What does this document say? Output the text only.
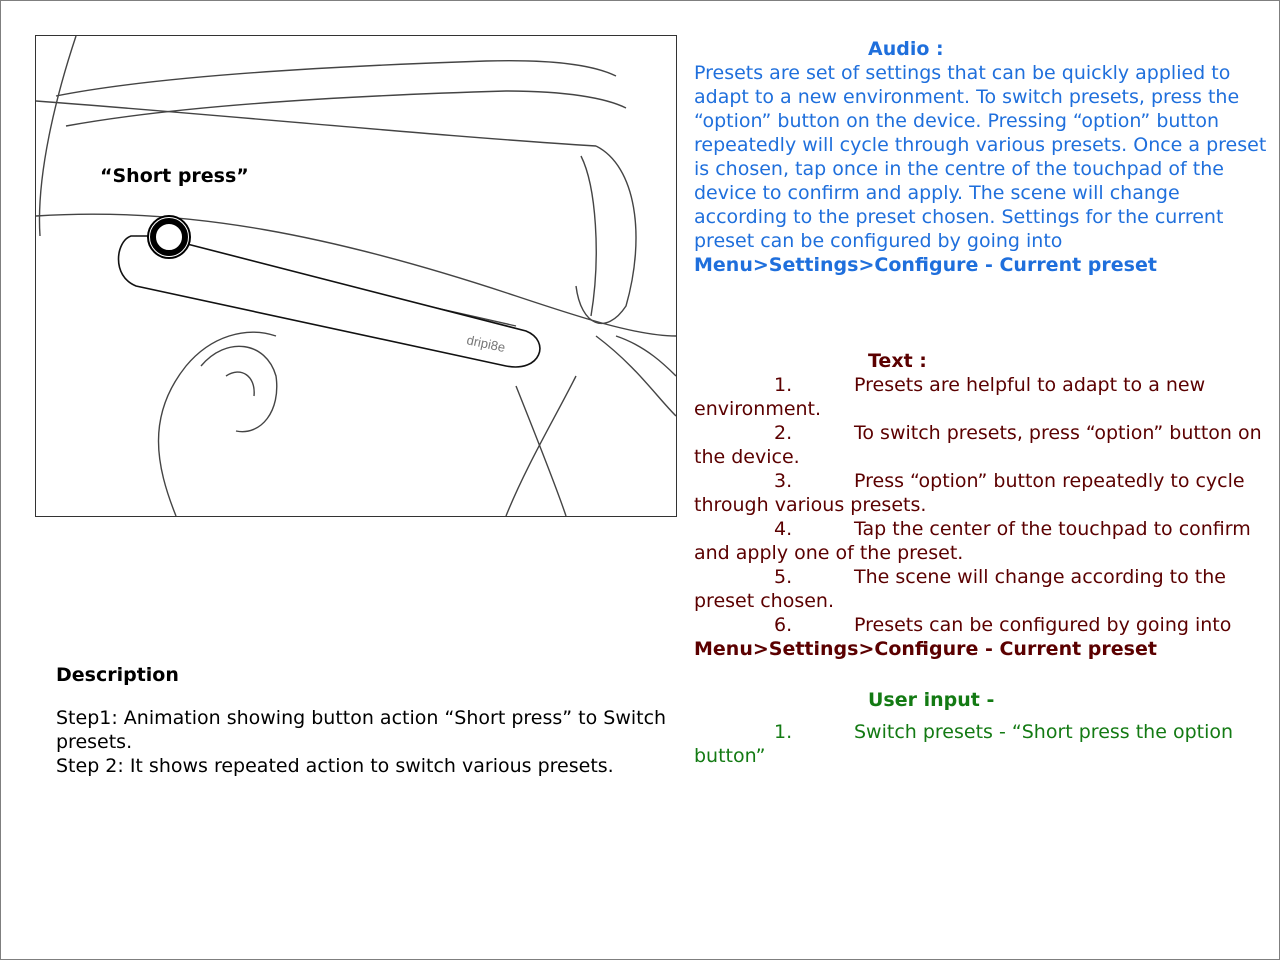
dripi8e
“Short press”
Description
Step1: Animation showing button action “Short press” to Switch presets.
Step 2: It shows repeated action to switch various presets.
Audio :
Presets are set of settings that can be quickly applied to adapt to a new environment. To switch presets, press the “option” button on the device. Pressing “option” button repeatedly will cycle through various presets. Once a preset is chosen, tap once in the centre of the touchpad of the device to confirm and apply. The scene will change according to the preset chosen. Settings for the current preset can be configured by going into
Menu>Settings>Configure - Current preset
Text :
1.	Presets are helpful to adapt to a new environment.
2.	To switch presets, press “option” button on the device.
3.	Press “option” button repeatedly to cycle through various presets.
4.	Tap the center of the touchpad to confirm and apply one of the preset.
5.	The scene will change according to the preset chosen.
6.	Presets can be configured by going into
Menu>Settings>Configure - Current preset
User input -
1.	Switch presets - “Short press the option button”
